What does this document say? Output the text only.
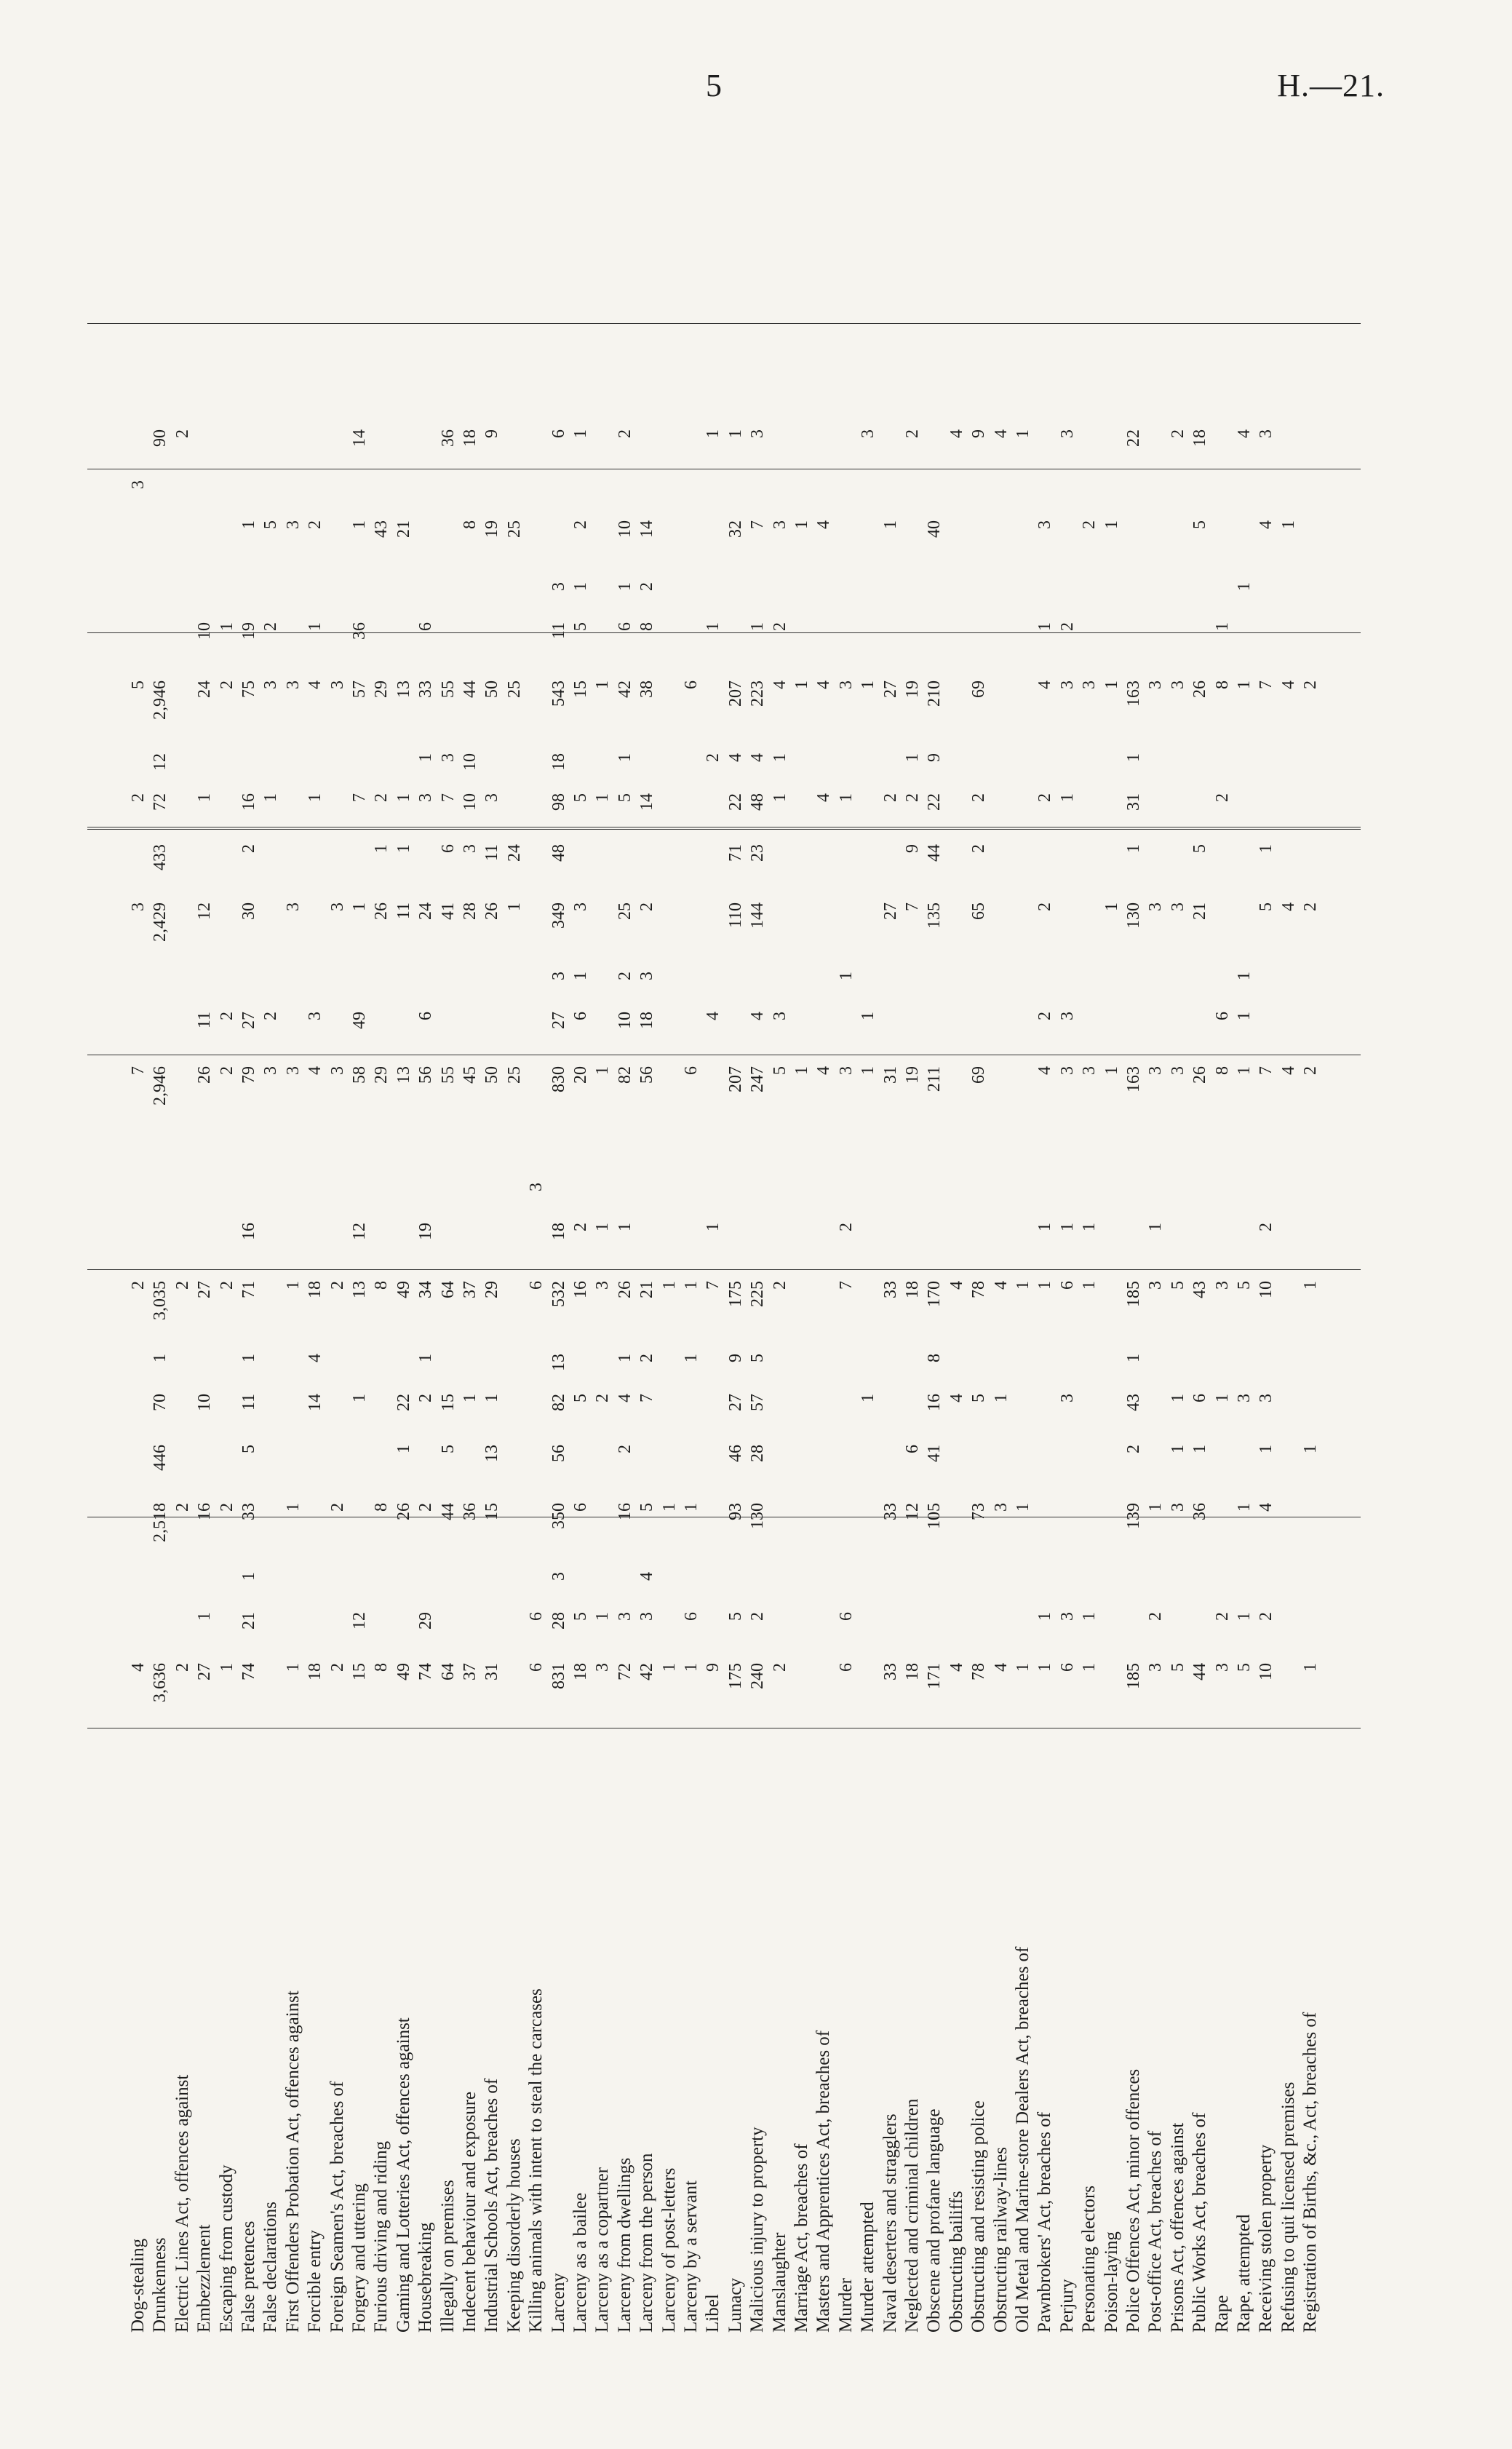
5	H.—21.
Dog-stealing
4
2
7
3
2
5
3
Drunkenness
3,636
2,518
446
70
1
3,035
2,946
2,429
433
72
12
2,946
90
Electric Lines Act, offences against
2
2
2
2
Embezzlement
27
1
16
10
27
26
11
12
1
24
10
Escaping from custody
1
2
2
2
2
2
1
False pretences
74
21
1
33
5
11
1
71
16
79
27
30
2
16
75
19
1
False declarations
3
2
1
3
2
5
First Offenders Probation Act, offences against
1
1
1
3
3
3
3
Forcible entry
18
14
4
18
4
3
1
4
1
2
Foreign Seamen's Act, breaches of
2
2
2
3
3
3
Forgery and uttering
15
12
1
13
12
58
49
1
7
57
36
1
14
Furious driving and riding
8
8
8
29
26
1
2
29
43
Gaming and Lotteries Act, offences against
49
26
1
22
49
13
11
1
1
13
21
Housebreaking
74
29
2
2
1
34
19
56
6
24
3
1
33
6
Illegally on premises
64
44
5
15
64
55
41
6
7
3
55
36
Indecent behaviour and exposure
37
36
1
37
45
28
3
10
10
44
8
18
Industrial Schools Act, breaches of
31
15
13
1
29
50
26
11
3
50
19
9
Keeping disorderly houses
25
1
24
25
25
Killing animals with intent to steal the carcases
6
6
6
3
Larceny
831
28
3
350
56
82
13
532
18
830
27
3
349
48
98
18
543
11
3
6
Larceny as a bailee
18
5
6
5
16
2
20
6
1
3
5
15
5
1
2
1
Larceny as a copartner
3
1
2
3
1
1
1
1
Larceny from dwellings
72
3
16
2
4
1
26
1
82
10
2
25
5
1
42
6
1
10
2
Larceny from the person
42
3
4
5
7
2
21
56
18
3
2
14
38
8
2
14
Larceny of post-letters
1
1
1
Larceny by a servant
1
6
1
1
1
6
6
Libel
9
7
1
4
2
1
1
Lunacy
175
5
93
46
27
9
175
207
110
71
22
4
207
32
1
Malicious injury to property
240
2
130
28
57
5
225
247
4
144
23
48
4
223
1
7
3
Manslaughter
2
2
5
3
1
1
4
2
3
Marriage Act, breaches of
1
1
1
Masters and Apprentices Act, breaches of
4
4
4
4
Murder
6
6
7
2
3
1
1
3
Murder attempted
1
1
1
1
3
Naval deserters and stragglers
33
33
33
31
27
2
27
1
Neglected and criminal children
18
12
6
18
19
7
9
2
1
19
2
Obscene and profane language
171
105
41
16
8
170
211
135
44
22
9
210
40
Obstructing bailiffs
4
4
4
4
Obstructing and resisting police
78
73
5
78
69
65
2
2
69
9
Obstructing railway-lines
4
3
1
4
4
Old Metal and Marine-store Dealers Act, breaches of
1
1
1
1
Pawnbrokers' Act, breaches of
1
1
1
1
4
2
2
2
4
1
3
Perjury
6
3
3
6
1
3
3
1
3
2
3
Personating electors
1
1
1
1
3
3
2
Poison-laying
1
1
1
1
Police Offences Act, minor offences
185
139
2
43
1
185
163
130
1
31
1
163
22
Post-office Act, breaches of
3
2
1
3
1
3
3
3
Prisons Act, offences against
5
3
1
1
5
3
3
3
2
Public Works Act, breaches of
44
36
1
6
43
26
21
5
26
5
18
Rape
3
2
1
3
8
6
2
8
1
Rape, attempted
5
1
1
3
5
1
1
1
1
1
4
Receiving stolen property
10
2
4
1
3
10
2
7
5
1
7
4
3
Refusing to quit licensed premises
4
4
4
1
Registration of Births, &c., Act, breaches of
1
1
1
2
2
2
